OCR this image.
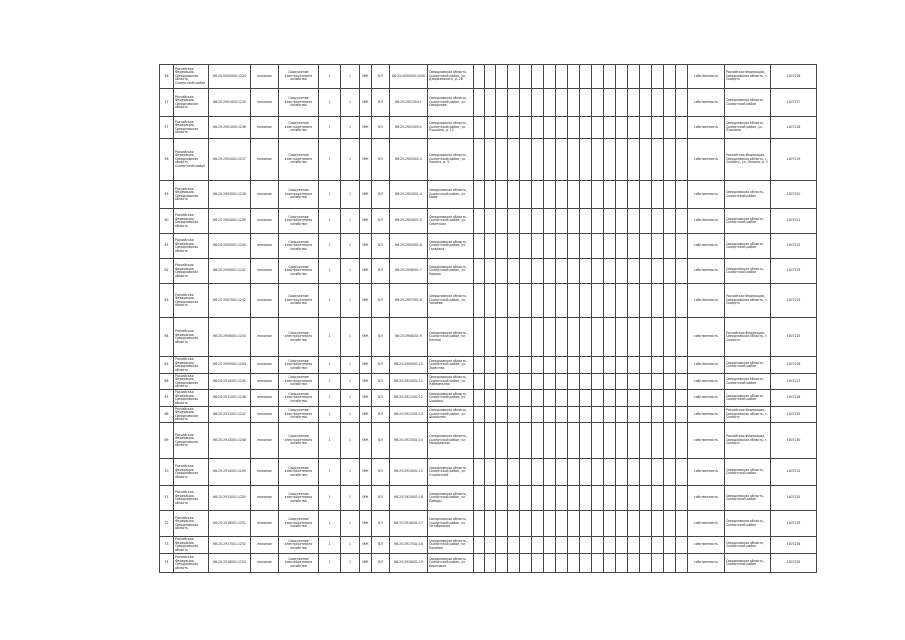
56	Российская Федерация, Свердловская область, Сысертский район	66:25:0000000:1234	нежилое	Сооружение электросетевого хозяйства	1	1	МЖ	ВЛ	66:25:0000000:1000	Свердловская область, Сысертский район, ул. Дзержинского, д. 28																			собственность	Российская Федерация, Свердловская область, г. Сысерть	1407216	
57	Российская Федерация, Свердловская область	66:25:2901004:1235	нежилое	Сооружение электросетевого хозяйства	1	1	МЖ	ВЛ	66:25:2901004:1	Свердловская область, Сысертский район, ул. Свердлова																			собственность	Свердловская область, Сысертский район	1407217	
57	Российская Федерация, Свердловская область	66:25:2901005:1236	нежилое	Сооружение электросетевого хозяйства	1	1	МЖ	ВЛ	66:25:2901005:2	Свердловская область, Сысертский район, ул. Пушкина, д. 12																			собственность	Свердловская область, Сысертский район, ул. Пушкина	1407218	
58	Российская Федерация, Свердловская область, Сысертский район	66:25:2902002:1237	нежилое	Сооружение электросетевого хозяйства	1	1	МЖ	ВЛ	66:25:2902002:3	Свердловская область, Сысертский район, ул. Ленина, д. 5																			собственность	Российская Федерация, Свердловская область, г. Сысерть, ул. Ленина, д. 5	1407219	
59	Российская Федерация, Свердловская область	66:25:2903001:1238	нежилое	Сооружение электросетевого хозяйства	1	1	МЖ	ВЛ	66:25:2903001:4	Свердловская область, Сысертский район, ул. Мира																			собственность	Свердловская область, Сысертский район	1407220	
60	Российская Федерация, Свердловская область	66:25:2904001:1239	нежилое	Сооружение электросетевого хозяйства	1	1	МЖ	ВЛ	66:25:2904001:5	Свердловская область, Сысертский район, ул. Советская																			собственность	Свердловская область, Сысертский район	1407221	
61	Российская Федерация, Свердловская область	66:25:2905001:1240	нежилое	Сооружение электросетевого хозяйства	1	1	МЖ	ВЛ	66:25:2905001:6	Свердловская область, Сысертский район, ул. Гагарина																			собственность	Свердловская область, Сысертский район	1407222	
62	Российская Федерация, Свердловская область	66:25:2906001:1241	нежилое	Сооружение электросетевого хозяйства	1	1	МЖ	ВЛ	66:25:2906001:7	Свердловская область, Сысертский район, ул. Кирова																			собственность	Свердловская область, Сысертский район	1407223	
63	Российская Федерация, Свердловская область	66:25:2907001:1242	нежилое	Сооружение электросетевого хозяйства	1	1	МЖ	ВЛ	66:25:2907001:8	Свердловская область, Сысертский район, ул. Чапаева																			собственность	Российская Федерация, Свердловская область, г. Сысерть	1407224	
64	Российская Федерация, Свердловская область	66:25:2908001:1243	нежилое	Сооружение электросетевого хозяйства	1	1	МЖ	ВЛ	66:25:2908001:9	Свердловская область, Сысертский район, ул. Лесная																			собственность	Российская Федерация, Свердловская область, г. Сысерть	1407225	
65	Российская Федерация, Свердловская область	66:25:2909001:1244	нежилое	Сооружение электросетевого хозяйства	1	1	МЖ	ВЛ	66:25:2909001:10	Свердловская область, Сысертский район, ул. Заречная																			собственность	Свердловская область, Сысертский район	1407226	
66	Российская Федерация, Свердловская область	66:25:2910001:1245	нежилое	Сооружение электросетевого хозяйства	1	1	МЖ	ВЛ	66:25:2910001:11	Свердловская область, Сысертский район, ул. Набережная																			собственность	Свердловская область, Сысертский район	1407227	
67	Российская Федерация, Свердловская область	66:25:2911001:1246	нежилое	Сооружение электросетевого хозяйства	1	1	МЖ	ВЛ	66:25:2911001:12	Свердловская область, Сысертский район, ул. Садовая																			собственность	Свердловская область, Сысертский район	1407228	
68	Российская Федерация, Свердловская область	66:25:2912001:1247	нежилое	Сооружение электросетевого хозяйства	1	1	МЖ	ВЛ	66:25:2912001:13	Свердловская область, Сысертский район, ул. Школьная																			собственность	Российская Федерация, Свердловская область, г. Сысерть	1407229	
69	Российская Федерация, Свердловская область	66:25:2913001:1248	нежилое	Сооружение электросетевого хозяйства	1	1	МЖ	ВЛ	66:25:2913001:14	Свердловская область, Сысертский район, ул. Молодёжная																			собственность	Российская Федерация, Свердловская область, г. Сысерть	1407230	
70	Российская Федерация, Свердловская область	66:25:2914001:1249	нежилое	Сооружение электросетевого хозяйства	1	1	МЖ	ВЛ	66:25:2914001:15	Свердловская область, Сысертский район, ул. Строителей																			собственность	Свердловская область, Сысертский район	1407231	
71	Российская Федерация, Свердловская область	66:25:2915001:1250	нежилое	Сооружение электросетевого хозяйства	1	1	МЖ	ВЛ	66:25:2915001:16	Свердловская область, Сысертский район, ул. Победы																			собственность	Свердловская область, Сысертский район	1407232	
72	Российская Федерация, Свердловская область	66:25:2916001:1251	нежилое	Сооружение электросетевого хозяйства	1	1	МЖ	ВЛ	66:25:2916001:17	Свердловская область, Сысертский район, ул. Октябрьская																			собственность	Свердловская область, Сысертский район	1407233	
73	Российская Федерация, Свердловская область	66:25:2917001:1252	нежилое	Сооружение электросетевого хозяйства	1	1	МЖ	ВЛ	66:25:2917001:18	Свердловская область, Сысертский район, ул. Полевая																			собственность	Свердловская область, Сысертский район	1407234	
74	Российская Федерация, Свердловская область	66:25:2918001:1253	нежилое	Сооружение электросетевого хозяйства	1	1	МЖ	ВЛ	66:25:2918001:19	Свердловская область, Сысертский район, ул. Береговая																			собственность	Свердловская область, Сысертский район	1407235	
